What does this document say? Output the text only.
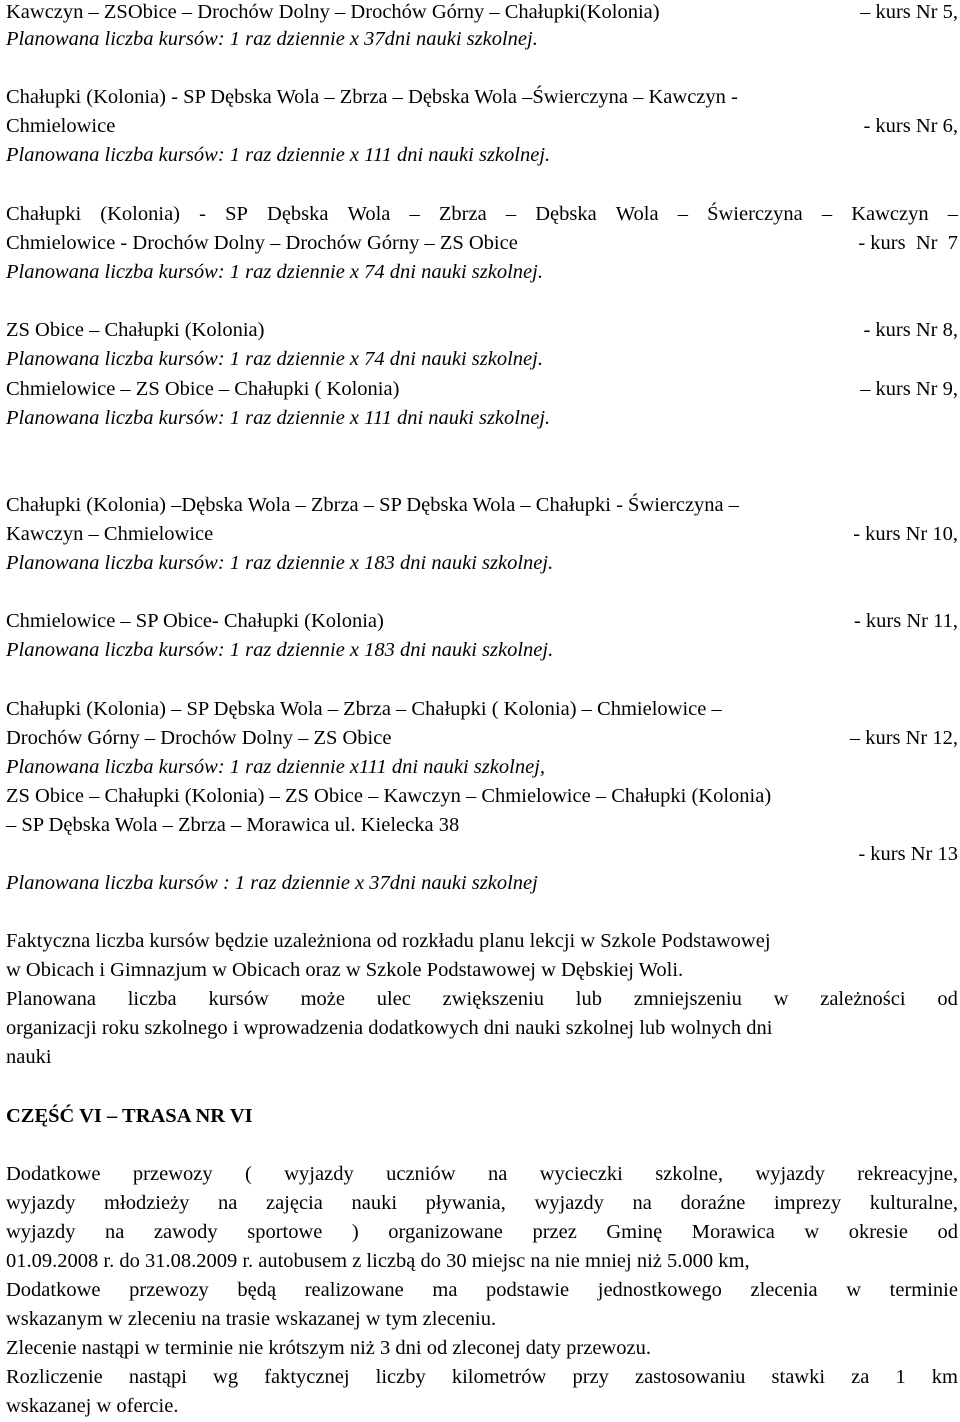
Kawczyn – ZSObice – Drochów Dolny – Drochów Górny – Chałupki(Kolonia)	– kurs Nr 5,
Planowana liczba kursów: 1 raz dziennie x 37dni nauki szkolnej.
Chałupki (Kolonia) - SP Dębska Wola – Zbrza – Dębska Wola –Świerczyna – Kawczyn -
Chmielowice	- kurs Nr 6,
Planowana liczba kursów: 1 raz dziennie x 111 dni nauki szkolnej.
Chałupki (Kolonia) - SP Dębska Wola – Zbrza – Dębska Wola – Świerczyna – Kawczyn –
Chmielowice - Drochów Dolny – Drochów Górny – ZS Obice	- kurs  Nr  7
Planowana liczba kursów: 1 raz dziennie x 74 dni nauki szkolnej.
ZS Obice – Chałupki (Kolonia)	- kurs Nr 8,
Planowana liczba kursów: 1 raz dziennie x 74 dni nauki szkolnej.
Chmielowice – ZS Obice – Chałupki ( Kolonia)	– kurs Nr 9,
Planowana liczba kursów: 1 raz dziennie x 111 dni nauki szkolnej.
Chałupki (Kolonia) –Dębska Wola – Zbrza – SP Dębska Wola – Chałupki - Świerczyna –
Kawczyn – Chmielowice	- kurs Nr 10,
Planowana liczba kursów: 1 raz dziennie x 183 dni nauki szkolnej.
Chmielowice – SP Obice- Chałupki (Kolonia)	- kurs Nr 11,
Planowana liczba kursów: 1 raz dziennie x 183 dni nauki szkolnej.
Chałupki (Kolonia) – SP Dębska Wola – Zbrza – Chałupki ( Kolonia) – Chmielowice –
Drochów Górny – Drochów Dolny – ZS Obice	– kurs Nr 12,
Planowana liczba kursów: 1 raz dziennie x111 dni nauki szkolnej,
ZS Obice – Chałupki (Kolonia) – ZS Obice – Kawczyn – Chmielowice – Chałupki (Kolonia)
– SP Dębska Wola – Zbrza – Morawica ul. Kielecka 38
- kurs Nr 13
Planowana liczba kursów : 1 raz dziennie x 37dni nauki szkolnej
Faktyczna liczba kursów będzie uzależniona od rozkładu planu lekcji w Szkole Podstawowej
w Obicach i Gimnazjum w Obicach oraz w Szkole Podstawowej w Dębskiej Woli.
Planowana liczba kursów może ulec zwiększeniu lub zmniejszeniu w zależności od
organizacji roku szkolnego i wprowadzenia dodatkowych dni nauki szkolnej lub wolnych dni
nauki
CZĘŚĆ VI – TRASA NR VI
Dodatkowe przewozy ( wyjazdy uczniów na wycieczki szkolne, wyjazdy rekreacyjne,
wyjazdy młodzieży na zajęcia nauki pływania, wyjazdy na doraźne imprezy kulturalne,
wyjazdy na zawody sportowe ) organizowane przez Gminę Morawica w okresie od
01.09.2008 r. do 31.08.2009 r. autobusem z liczbą do 30 miejsc na nie mniej niż 5.000 km,
Dodatkowe przewozy będą realizowane ma podstawie jednostkowego zlecenia w terminie
wskazanym w zleceniu na trasie wskazanej w tym zleceniu.
Zlecenie nastąpi w terminie nie krótszym niż 3 dni od zleconej daty przewozu.
Rozliczenie nastąpi wg faktycznej liczby kilometrów przy zastosowaniu stawki za 1 km
wskazanej w ofercie.
